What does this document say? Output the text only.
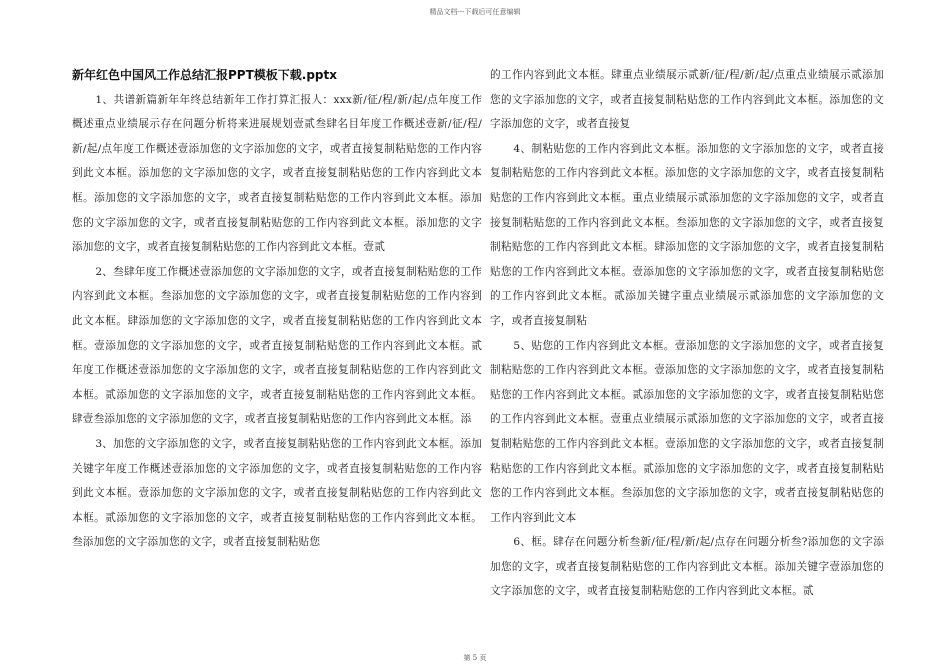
精品文档---下载后可任意编辑
新年红色中国风工作总结汇报PPT模板下载.pptx

1、共谱新篇新年年终总结新年工作打算汇报人：xxx新/征/程/新/起/点年度工作概述重点业绩展示存在问题分析将来进展规划壹贰叁肆名目年度工作概述壹新/征/程/新/起/点年度工作概述壹添加您的文字添加您的文字，或者直接复制粘贴您的工作内容到此文本框。添加您的文字添加您的文字，或者直接复制粘贴您的工作内容到此文本框。添加您的文字添加您的文字，或者直接复制粘贴您的工作内容到此文本框。添加您的文字添加您的文字，或者直接复制粘贴您的工作内容到此文本框。添加您的文字添加您的文字，或者直接复制粘贴您的工作内容到此文本框。壹贰

2、叁肆年度工作概述壹添加您的文字添加您的文字，或者直接复制粘贴您的工作内容到此文本框。叁添加您的文字添加您的文字，或者直接复制粘贴您的工作内容到此文本框。肆添加您的文字添加您的文字，或者直接复制粘贴您的工作内容到此文本框。壹添加您的文字添加您的文字，或者直接复制粘贴您的工作内容到此文本框。贰年度工作概述壹添加您的文字添加您的文字，或者直接复制粘贴您的工作内容到此文本框。贰添加您的文字添加您的文字，或者直接复制粘贴您的工作内容到此文本框。肆壹叁添加您的文字添加您的文字，或者直接复制粘贴您的工作内容到此文本框。添

3、加您的文字添加您的文字，或者直接复制粘贴您的工作内容到此文本框。添加关键字年度工作概述壹添加您的文字添加您的文字，或者直接复制粘贴您的工作内容到此文本框。壹添加您的文字添加您的文字，或者直接复制粘贴您的工作内容到此文本框。贰添加您的文字添加您的文字，或者直接复制粘贴您的工作内容到此文本框。叁添加您的文字添加您的文字，或者直接复制粘贴您

的工作内容到此文本框。肆重点业绩展示贰新/征/程/新/起/点重点业绩展示贰添加您的文字添加您的文字，或者直接复制粘贴您的工作内容到此文本框。添加您的文字添加您的文字，或者直接复

4、制粘贴您的工作内容到此文本框。添加您的文字添加您的文字，或者直接复制粘贴您的工作内容到此文本框。添加您的文字添加您的文字，或者直接复制粘贴您的工作内容到此文本框。重点业绩展示贰添加您的文字添加您的文字，或者直接复制粘贴您的工作内容到此文本框。叁添加您的文字添加您的文字，或者直接复制粘贴您的工作内容到此文本框。肆添加您的文字添加您的文字，或者直接复制粘贴您的工作内容到此文本框。壹添加您的文字添加您的文字，或者直接复制粘贴您的工作内容到此文本框。贰添加关键字重点业绩展示贰添加您的文字添加您的文字，或者直接复制粘

5、贴您的工作内容到此文本框。壹添加您的文字添加您的文字，或者直接复制粘贴您的工作内容到此文本框。壹添加您的文字添加您的文字，或者直接复制粘贴您的工作内容到此文本框。贰添加您的文字添加您的文字，或者直接复制粘贴您的工作内容到此文本框。壹重点业绩展示贰添加您的文字添加您的文字，或者直接复制粘贴您的工作内容到此文本框。壹添加您的文字添加您的文字，或者直接复制粘贴您的工作内容到此文本框。贰添加您的文字添加您的文字，或者直接复制粘贴您的工作内容到此文本框。叁添加您的文字添加您的文字，或者直接复制粘贴您的工作内容到此文本

6、框。肆存在问题分析叁新/征/程/新/起/点存在问题分析叁?添加您的文字添加您的文字，或者直接复制粘贴您的工作内容到此文本框。添加关键字壹添加您的文字添加您的文字，或者直接复制粘贴您的工作内容到此文本框。贰

第 5 页
